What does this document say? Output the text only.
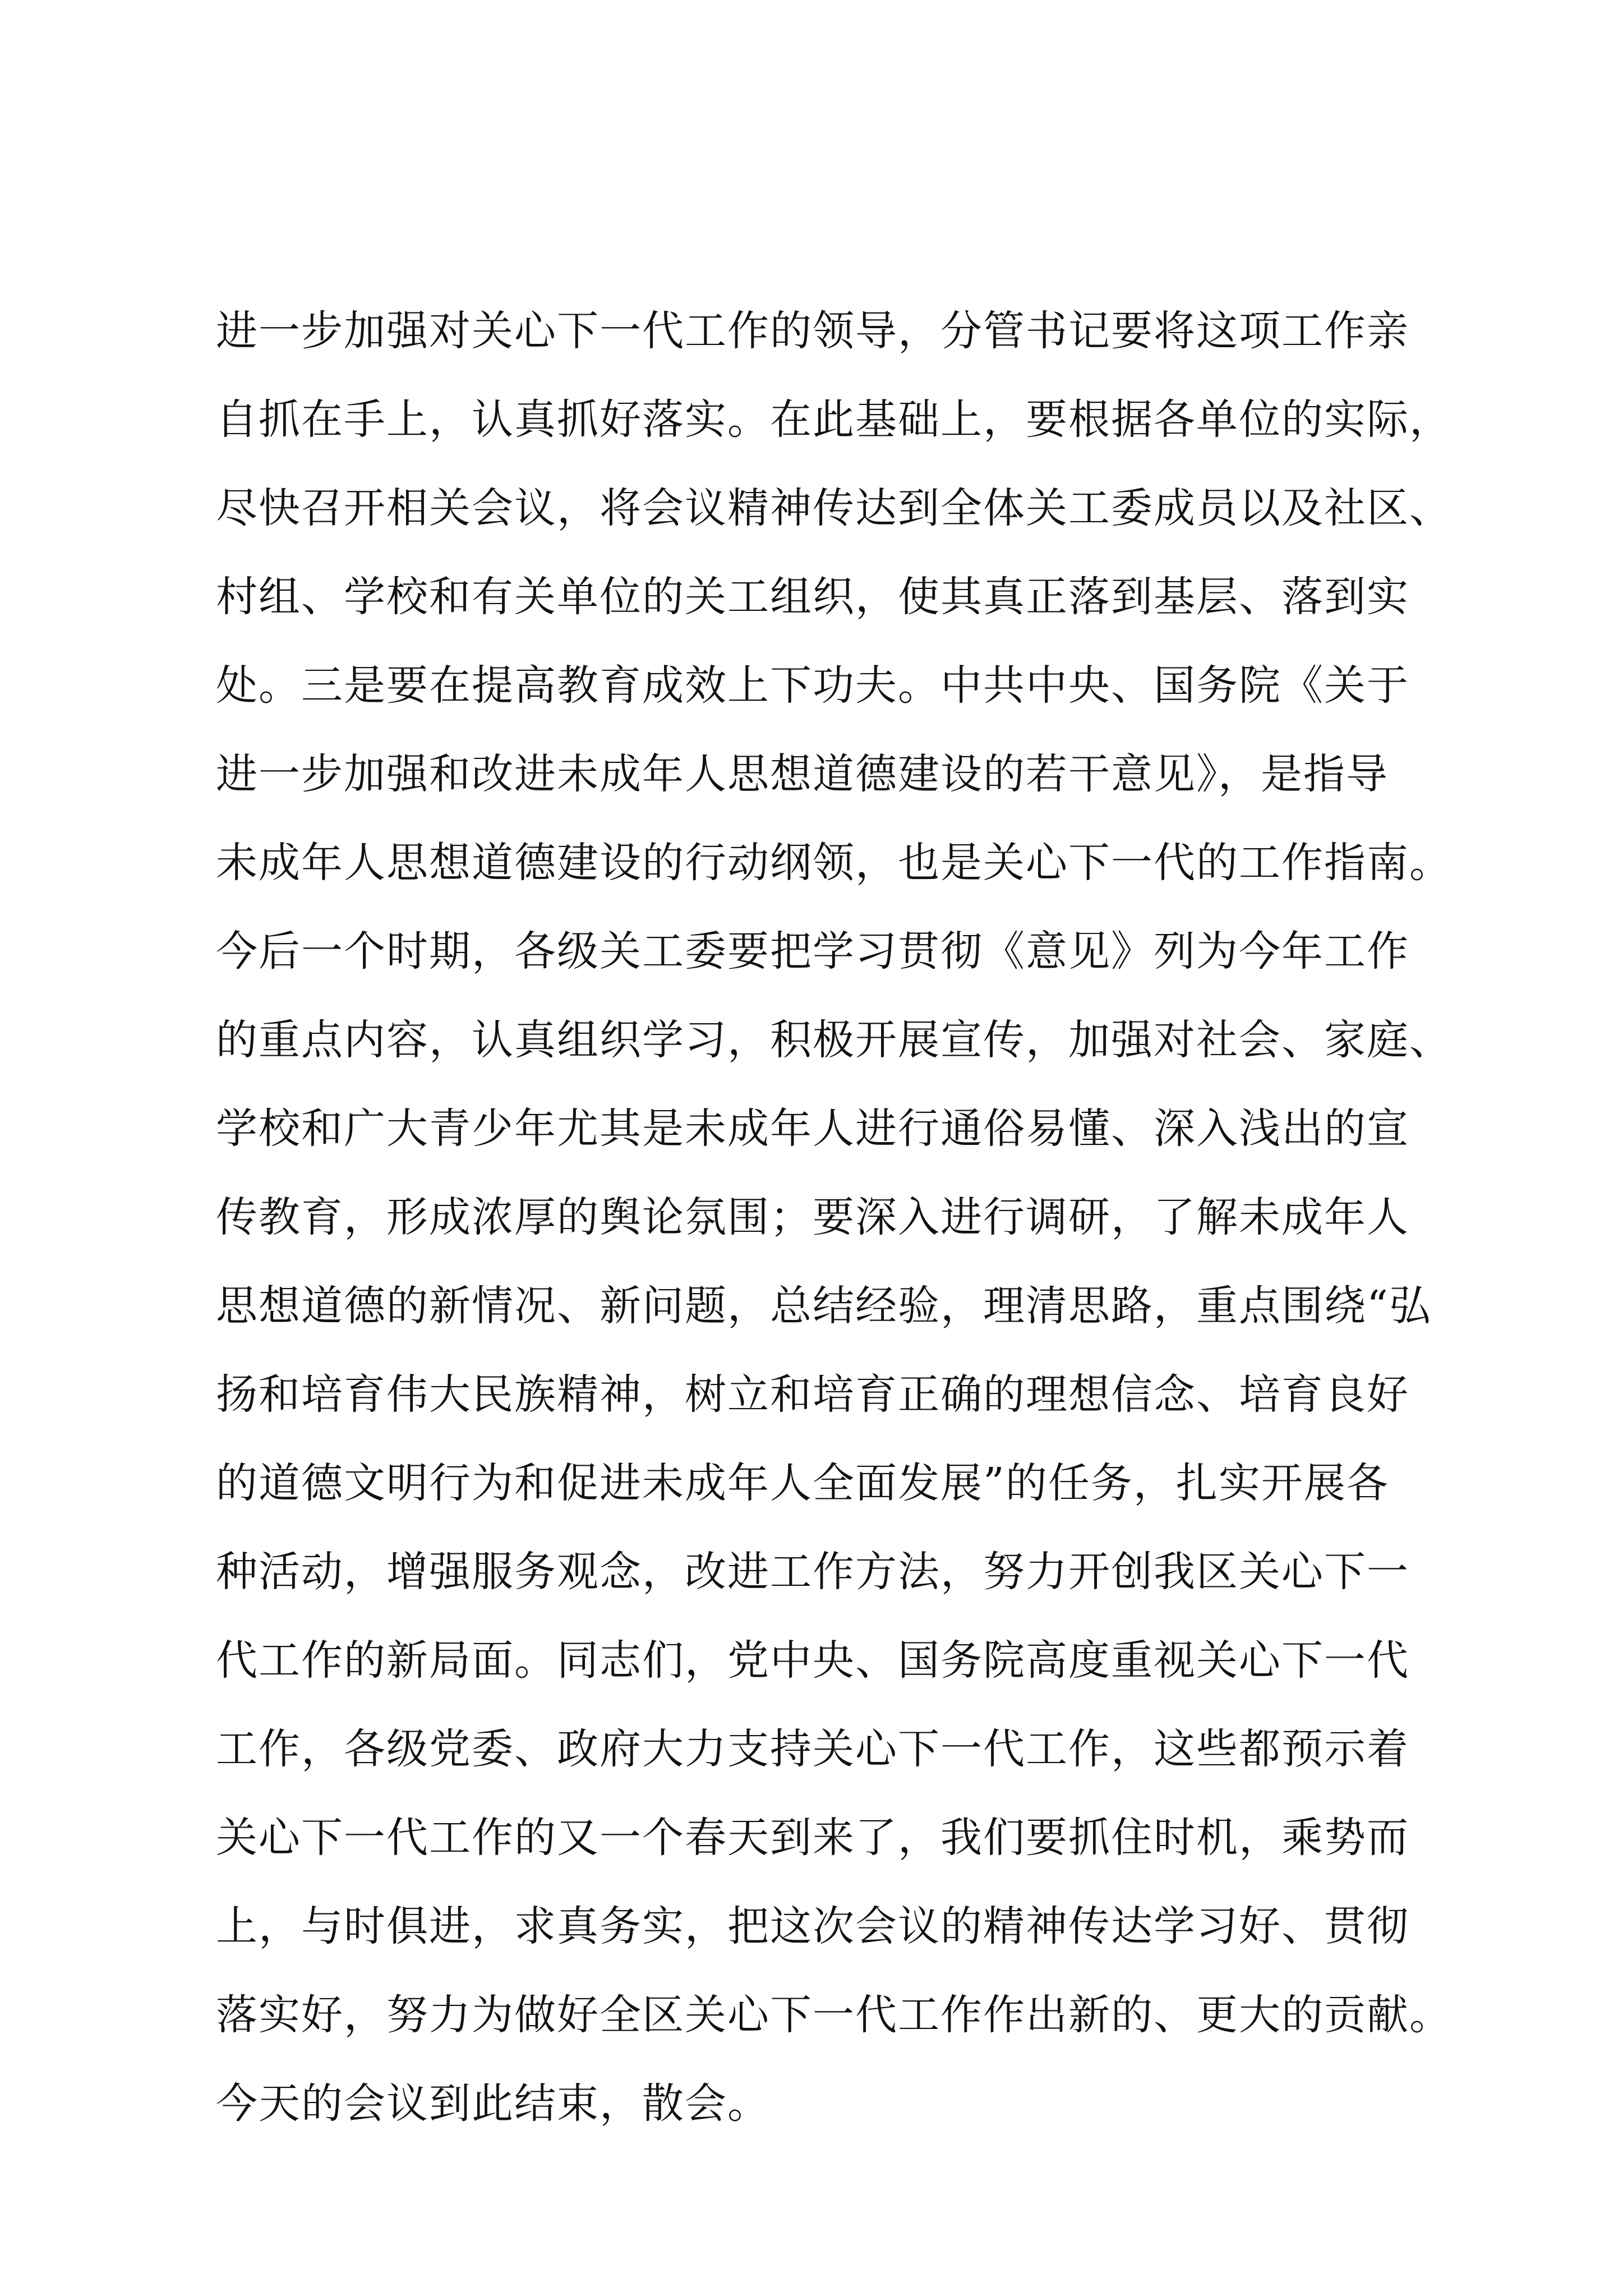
进一步加强对关心下一代工作的领导，分管书记要将这项工作亲
自抓在手上，认真抓好落实。在此基础上，要根据各单位的实际，
尽快召开相关会议，将会议精神传达到全体关工委成员以及社区、
村组、学校和有关单位的关工组织，使其真正落到基层、落到实
处。三是要在提高教育成效上下功夫。中共中央、国务院《关于
进一步加强和改进未成年人思想道德建设的若干意见》，是指导
未成年人思想道德建设的行动纲领，也是关心下一代的工作指南。
今后一个时期，各级关工委要把学习贯彻《意见》列为今年工作
的重点内容，认真组织学习，积极开展宣传，加强对社会、家庭、
学校和广大青少年尤其是未成年人进行通俗易懂、深入浅出的宣
传教育，形成浓厚的舆论氛围；要深入进行调研，了解未成年人
思想道德的新情况、新问题，总结经验，理清思路，重点围绕“弘
扬和培育伟大民族精神，树立和培育正确的理想信念、培育良好
的道德文明行为和促进未成年人全面发展”的任务，扎实开展各
种活动，增强服务观念，改进工作方法，努力开创我区关心下一
代工作的新局面。同志们，党中央、国务院高度重视关心下一代
工作，各级党委、政府大力支持关心下一代工作，这些都预示着
关心下一代工作的又一个春天到来了，我们要抓住时机，乘势而
上，与时俱进，求真务实，把这次会议的精神传达学习好、贯彻
落实好，努力为做好全区关心下一代工作作出新的、更大的贡献。
今天的会议到此结束，散会。
